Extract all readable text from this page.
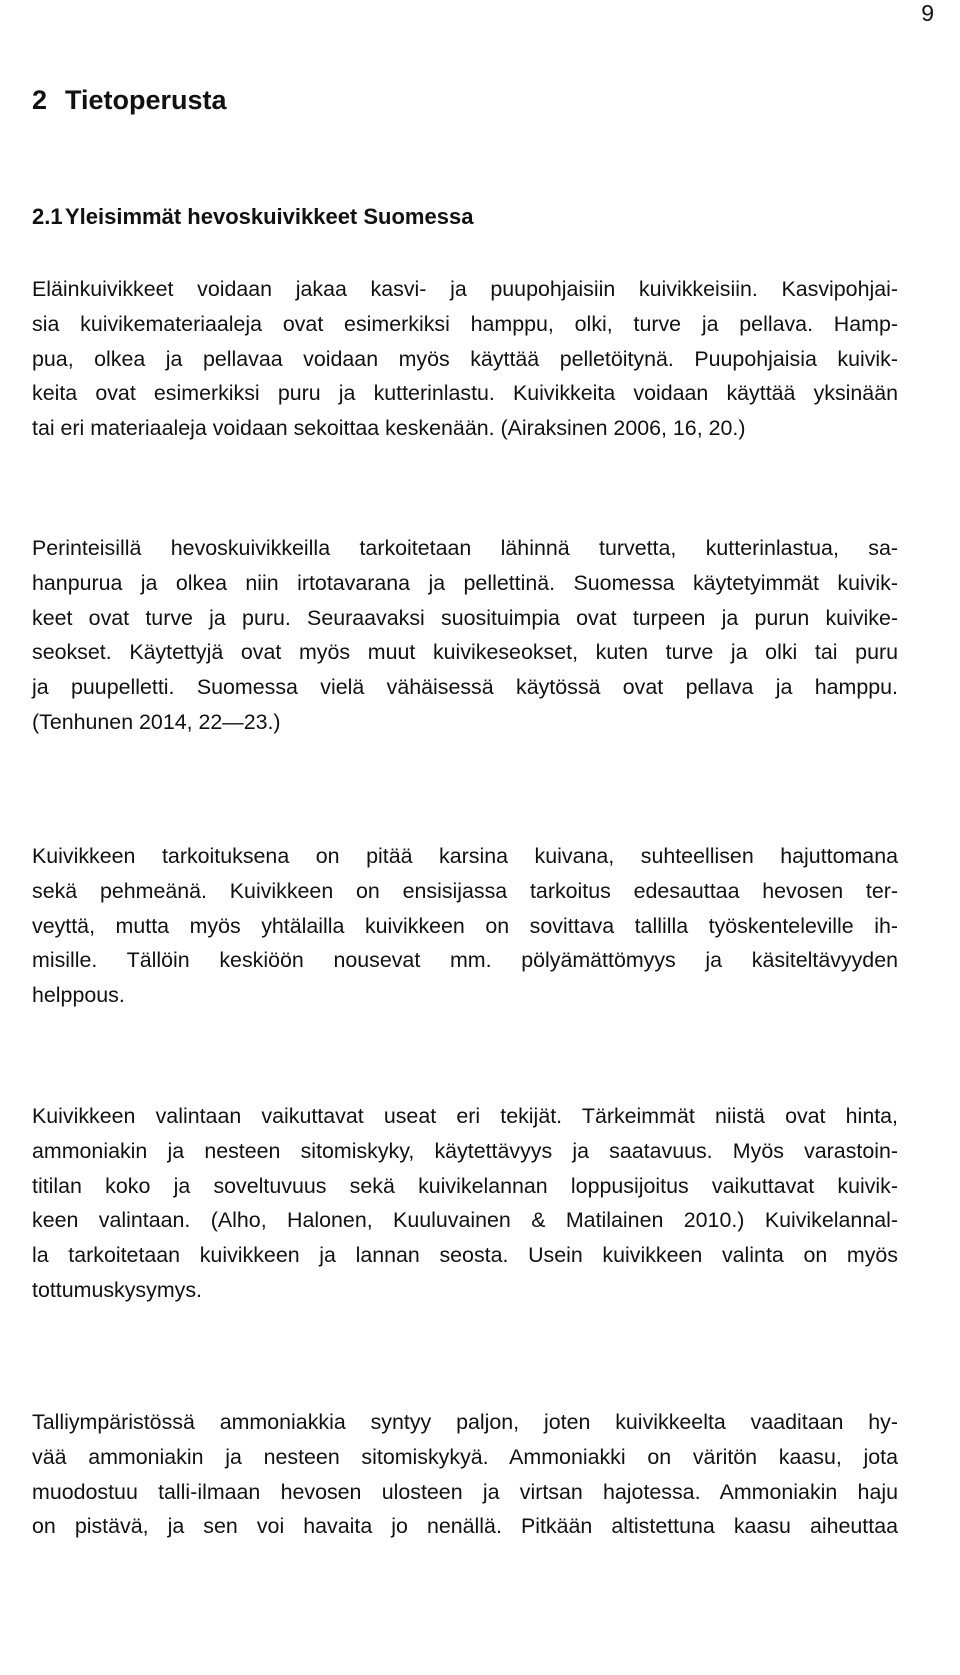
9
2 Tietoperusta
2.1 Yleisimmät hevoskuivikkeet Suomessa
Eläinkuivikkeet voidaan jakaa kasvi- ja puupohjaisiin kuivikkeisiin. Kasvipohjai-
sia kuivikemateriaaleja ovat esimerkiksi hamppu, olki, turve ja pellava. Hamp-
pua, olkea ja pellavaa voidaan myös käyttää pelletöitynä. Puupohjaisia kuivik-
keita ovat esimerkiksi puru ja kutterinlastu. Kuivikkeita voidaan käyttää yksinään
tai eri materiaaleja voidaan sekoittaa keskenään. (Airaksinen 2006, 16, 20.)
Perinteisillä hevoskuivikkeilla tarkoitetaan lähinnä turvetta, kutterinlastua, sa-
hanpurua ja olkea niin irtotavarana ja pellettinä. Suomessa käytetyimmät kuivik-
keet ovat turve ja puru. Seuraavaksi suosituimpia ovat turpeen ja purun kuivike-
seokset. Käytettyjä ovat myös muut kuivikeseokset, kuten turve ja olki tai puru
ja puupelletti. Suomessa vielä vähäisessä käytössä ovat pellava ja hamppu.
(Tenhunen 2014, 22—23.)
Kuivikkeen tarkoituksena on pitää karsina kuivana, suhteellisen hajuttomana
sekä pehmeänä. Kuivikkeen on ensisijassa tarkoitus edesauttaa hevosen ter-
veyttä, mutta myös yhtälailla kuivikkeen on sovittava tallilla työskenteleville ih-
misille. Tällöin keskiöön nousevat mm. pölyämättömyys ja käsiteltävyyden
helppous.
Kuivikkeen valintaan vaikuttavat useat eri tekijät. Tärkeimmät niistä ovat hinta,
ammoniakin ja nesteen sitomiskyky, käytettävyys ja saatavuus. Myös varastoin-
titilan koko ja soveltuvuus sekä kuivikelannan loppusijoitus vaikuttavat kuivik-
keen valintaan. (Alho, Halonen, Kuuluvainen & Matilainen 2010.) Kuivikelannal-
la tarkoitetaan kuivikkeen ja lannan seosta. Usein kuivikkeen valinta on myös
tottumuskysymys.
Talliympäristössä ammoniakkia syntyy paljon, joten kuivikkeelta vaaditaan hy-
vää ammoniakin ja nesteen sitomiskykyä. Ammoniakki on väritön kaasu, jota
muodostuu talli-ilmaan hevosen ulosteen ja virtsan hajotessa. Ammoniakin haju
on pistävä, ja sen voi havaita jo nenällä. Pitkään altistettuna kaasu aiheuttaa
